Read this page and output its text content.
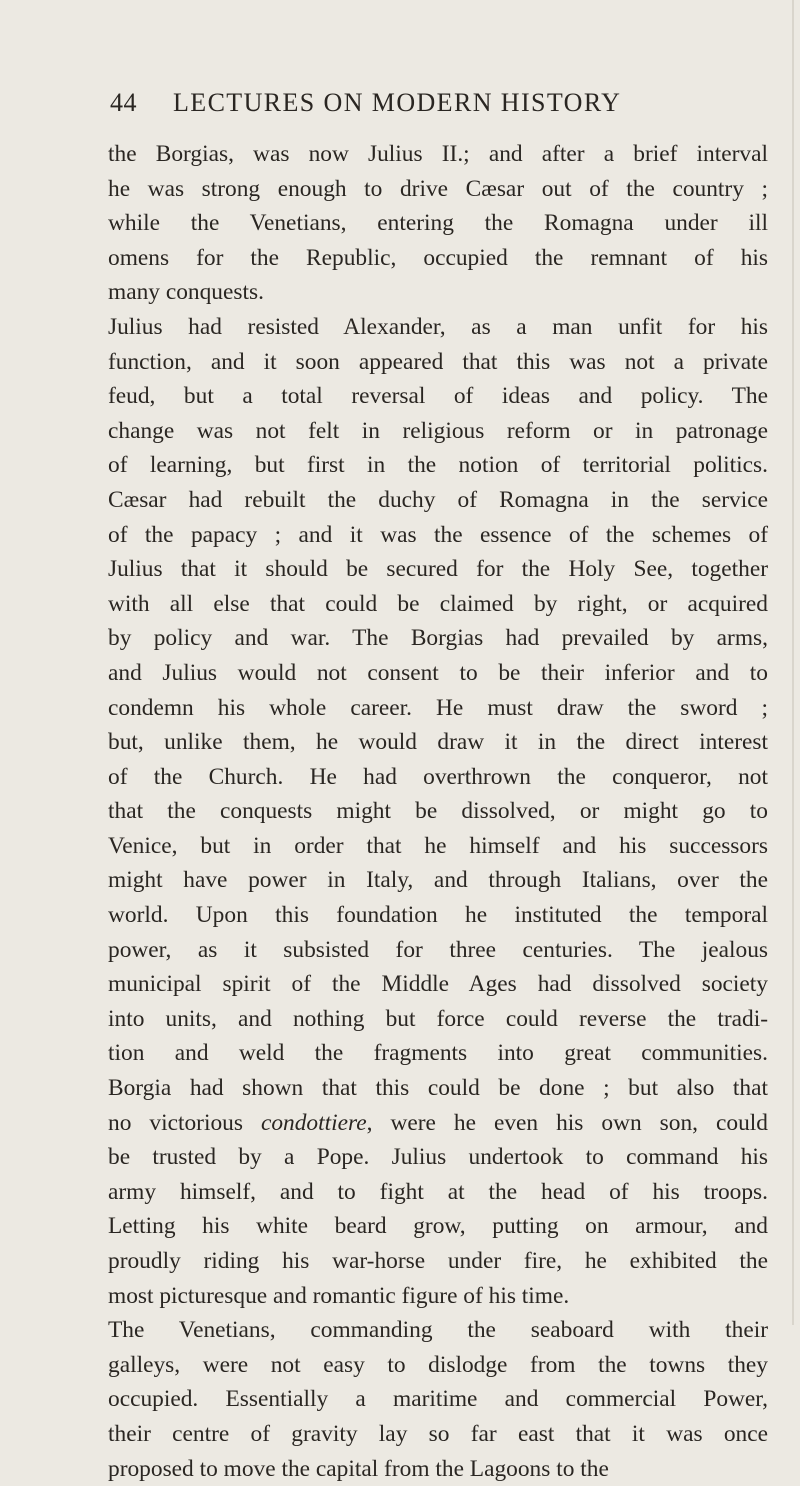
44 LECTURES ON MODERN HISTORY
the Borgias, was now Julius II.; and after a brief interval
he was strong enough to drive Cæsar out of the country ;
while the Venetians, entering the Romagna under ill
omens for the Republic, occupied the remnant of his
many conquests.
Julius had resisted Alexander, as a man unfit for his
function, and it soon appeared that this was not a private
feud, but a total reversal of ideas and policy. The
change was not felt in religious reform or in patronage
of learning, but first in the notion of territorial politics.
Cæsar had rebuilt the duchy of Romagna in the service
of the papacy ; and it was the essence of the schemes of
Julius that it should be secured for the Holy See, together
with all else that could be claimed by right, or acquired
by policy and war. The Borgias had prevailed by arms,
and Julius would not consent to be their inferior and to
condemn his whole career. He must draw the sword ;
but, unlike them, he would draw it in the direct interest
of the Church. He had overthrown the conqueror, not
that the conquests might be dissolved, or might go to
Venice, but in order that he himself and his successors
might have power in Italy, and through Italians, over the
world. Upon this foundation he instituted the temporal
power, as it subsisted for three centuries. The jealous
municipal spirit of the Middle Ages had dissolved society
into units, and nothing but force could reverse the tradi-
tion and weld the fragments into great communities.
Borgia had shown that this could be done ; but also that
no victorious condottiere, were he even his own son, could
be trusted by a Pope. Julius undertook to command his
army himself, and to fight at the head of his troops.
Letting his white beard grow, putting on armour, and
proudly riding his war-horse under fire, he exhibited the
most picturesque and romantic figure of his time.
The Venetians, commanding the seaboard with their
galleys, were not easy to dislodge from the towns they
occupied. Essentially a maritime and commercial Power,
their centre of gravity lay so far east that it was once
proposed to move the capital from the Lagoons to the
